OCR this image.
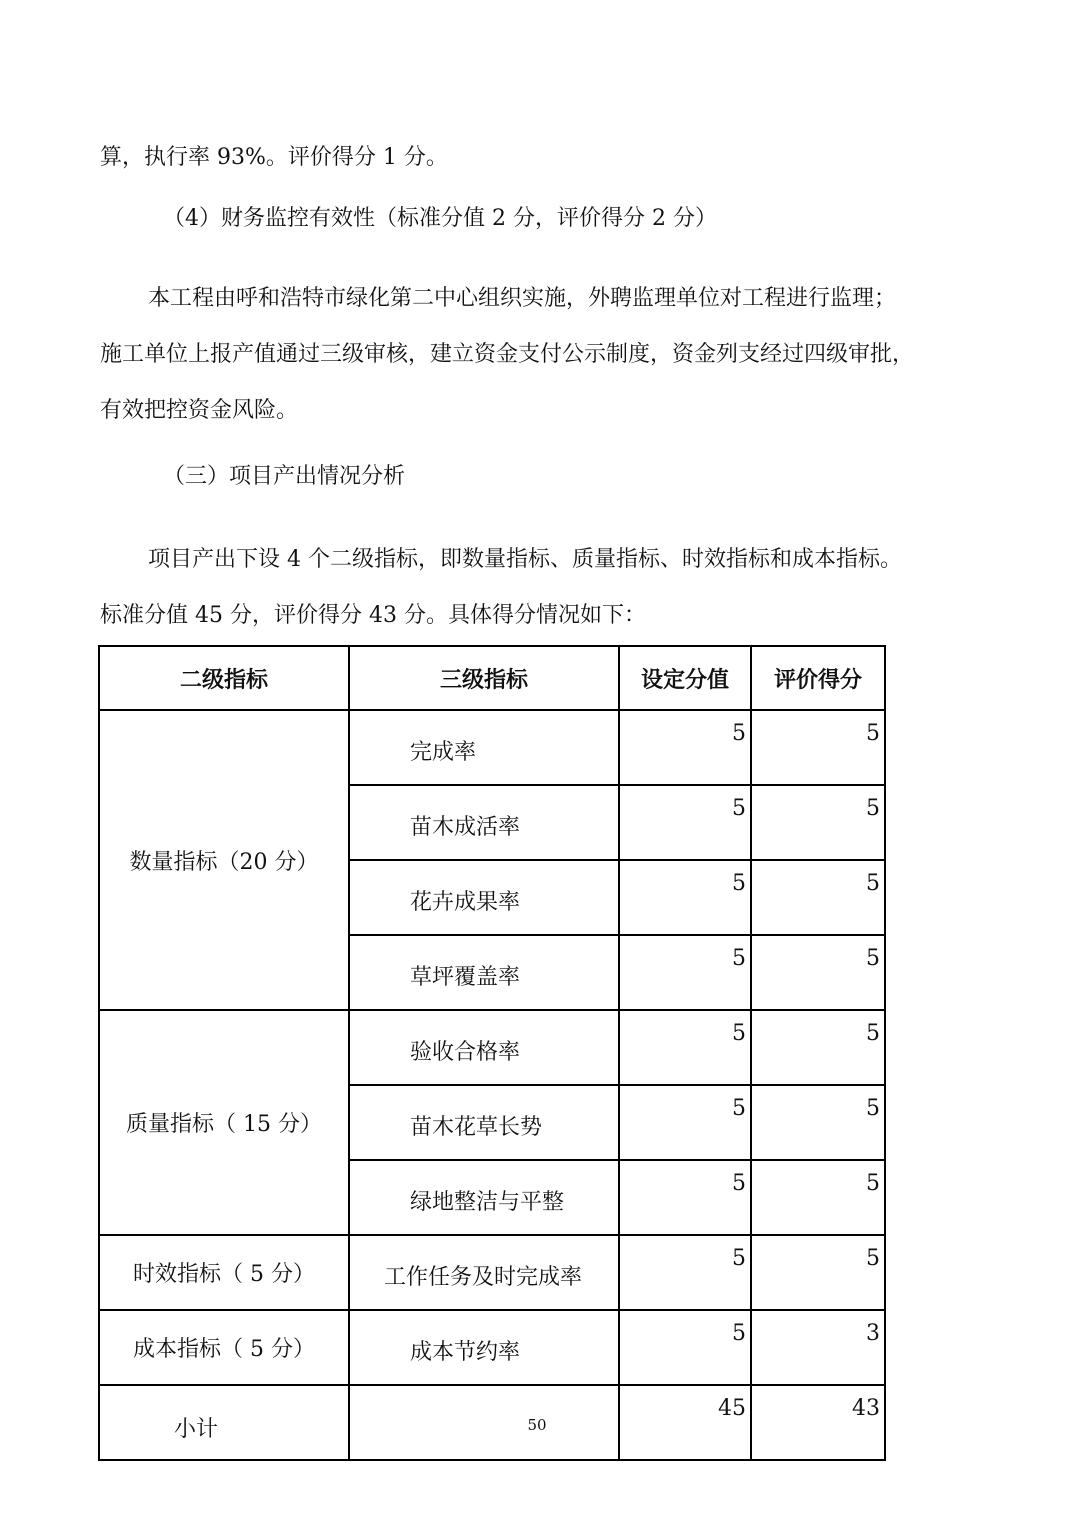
算，执行率 93%。评价得分 1 分。
（4）财务监控有效性（标准分值 2 分，评价得分 2 分）
本工程由呼和浩特市绿化第二中心组织实施，外聘监理单位对工程进行监理；
施工单位上报产值通过三级审核，建立资金支付公示制度，资金列支经过四级审批，
有效把控资金风险。
（三）项目产出情况分析
项目产出下设 4 个二级指标，即数量指标、质量指标、时效指标和成本指标。
标准分值 45 分，评价得分 43 分。具体得分情况如下：
二级指标	三级指标	设定分值	评价得分
数量指标（20 分）	完成率	5	5
	苗木成活率	5	5
	花卉成果率	5	5
	草坪覆盖率	5	5
质量指标（ 15 分）	验收合格率	5	5
	苗木花草长势	5	5
	绿地整洁与平整	5	5
时效指标（ 5 分）	工作任务及时完成率	5	5
成本指标（ 5 分）	成本节约率	5	3
小计		45	43
50
